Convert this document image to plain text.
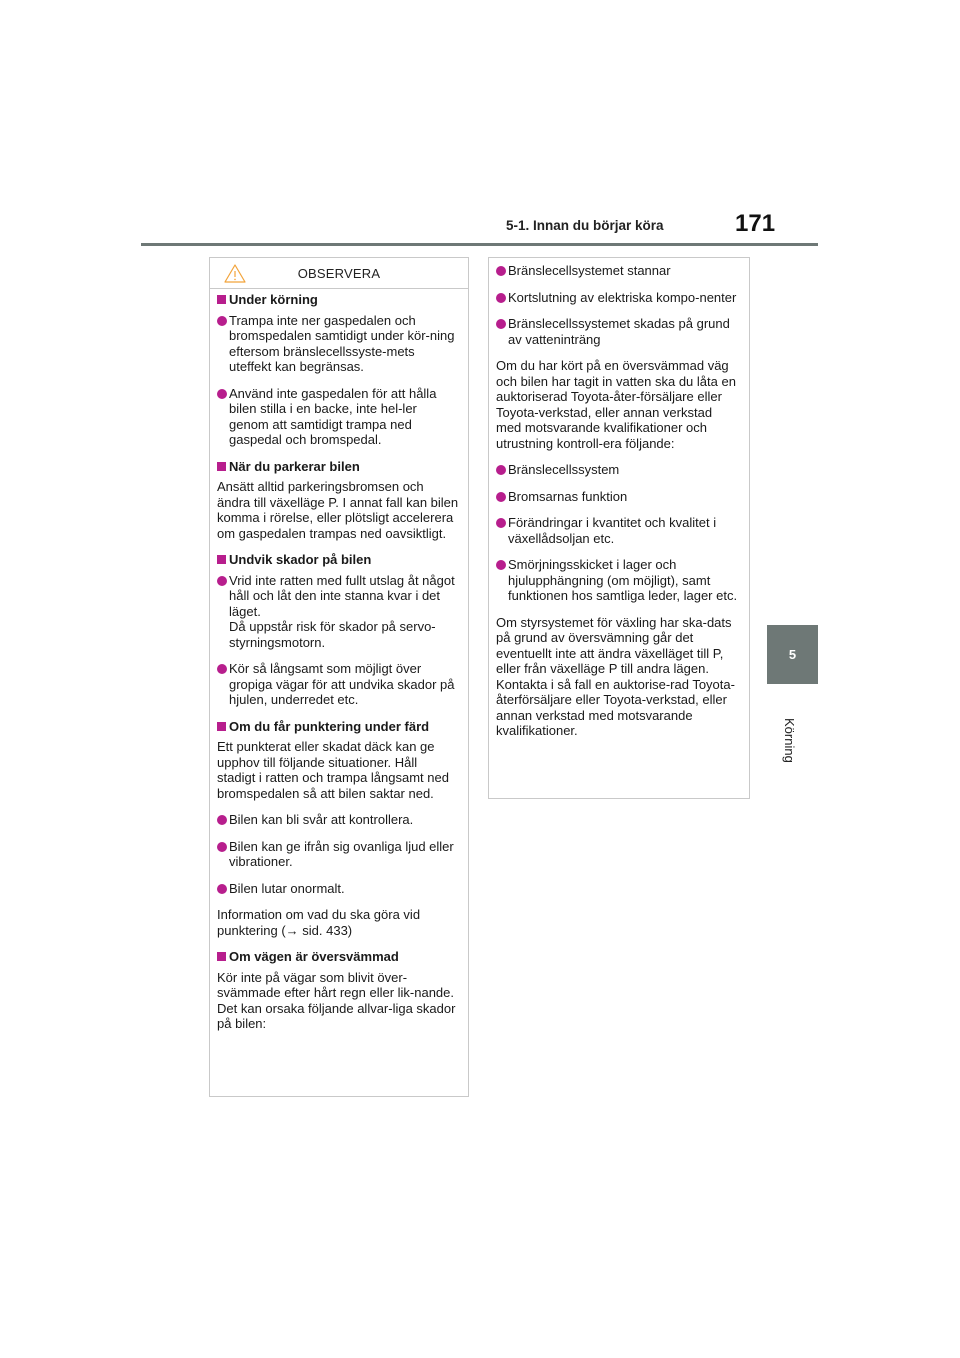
5-1. Innan du börjar köra	171
5
Körning
OBSERVERA
Under körning
Trampa inte ner gaspedalen och bromspedalen samtidigt under kör-ning eftersom bränslecellssyste-mets uteffekt kan begränsas.
Använd inte gaspedalen för att hålla bilen stilla i en backe, inte hel-ler genom att samtidigt trampa ned gaspedal och bromspedal.
När du parkerar bilen
Ansätt alltid parkeringsbromsen och ändra till växelläge P. I annat fall kan bilen komma i rörelse, eller plötsligt accelerera om gaspedalen trampas ned oavsiktligt.
Undvik skador på bilen
Vrid inte ratten med fullt utslag åt något håll och låt den inte stanna kvar i det läget.
Då uppstår risk för skador på servo-styrningsmotorn.
Kör så långsamt som möjligt över gropiga vägar för att undvika skador på hjulen, underredet etc.
Om du får punktering under färd
Ett punkterat eller skadat däck kan ge upphov till följande situationer. Håll stadigt i ratten och trampa långsamt ned bromspedalen så att bilen saktar ned.
Bilen kan bli svår att kontrollera.
Bilen kan ge ifrån sig ovanliga ljud eller vibrationer.
Bilen lutar onormalt.
Information om vad du ska göra vid punktering (→ sid. 433)
Om vägen är översvämmad
Kör inte på vägar som blivit över-svämmade efter hårt regn eller lik-nande. Det kan orsaka följande allvar-liga skador på bilen:
Bränslecellsystemet stannar
Kortslutning av elektriska kompo-nenter
Bränslecellssystemet skadas på grund av vatteninträng
Om du har kört på en översvämmad väg och bilen har tagit in vatten ska du låta en auktoriserad Toyota-åter-försäljare eller Toyota-verkstad, eller annan verkstad med motsvarande kvalifikationer och utrustning kontroll-era följande:
Bränslecellssystem
Bromsarnas funktion
Förändringar i kvantitet och kvalitet i växellådsoljan etc.
Smörjningsskicket i lager och hjulupphängning (om möjligt), samt funktionen hos samtliga leder, lager etc.
Om styrsystemet för växling har ska-dats på grund av översvämning går det eventuellt inte att ändra växelläget till P, eller från växelläge P till andra lägen. Kontakta i så fall en auktorise-rad Toyota-återförsäljare eller Toyota-verkstad, eller annan verkstad med motsvarande kvalifikationer.
